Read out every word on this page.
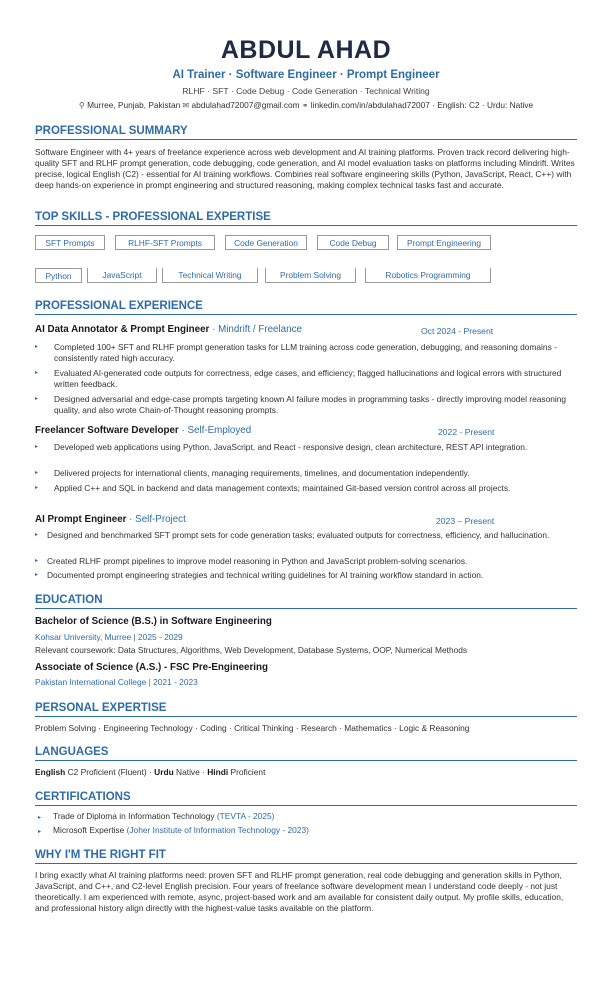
ABDUL AHAD
AI Trainer · Software Engineer · Prompt Engineer
RLHF · SFT · Code Debug · Code Generation · Technical Writing
⚲ Murree, Punjab, Pakistan ✉ abdulahad72007@gmail.com ⚭ linkedin.com/in/abdulahad72007 · English: C2 · Urdu: Native
PROFESSIONAL SUMMARY
Software Engineer with 4+ years of freelance experience across web development and AI training platforms. Proven track record delivering high-quality SFT and RLHF prompt generation, code debugging, code generation, and AI model evaluation tasks on platforms including Mindrift. Writes precise, logical English (C2) - essential for AI training workflows. Combines real software engineering skills (Python, JavaScript, React, C++) with deep hands-on experience in prompt engineering and structured reasoning, making complex technical tasks fast and accurate.
TOP SKILLS - PROFESSIONAL EXPERTISE
SFT Prompts	RLHF-SFT Prompts	Code Generation	Code Debug	Prompt Engineering
Python	JavaScript	Technical Writing	Problem Solving	Robotics Programming
PROFESSIONAL EXPERIENCE
AI Data Annotator & Prompt Engineer · Mindrift / Freelance	Oct 2024 - Present
▸	Completed 100+ SFT and RLHF prompt generation tasks for LLM training across code generation, debugging, and reasoning domains - consistently rated high accuracy.
▸	Evaluated AI-generated code outputs for correctness, edge cases, and efficiency; flagged hallucinations and logical errors with structured written feedback.
▸	Designed adversarial and edge-case prompts targeting known AI failure modes in programming tasks - directly improving model reasoning quality, and also wrote Chain-of-Thought reasoning prompts.
Freelancer Software Developer · Self-Employed	2022 - Present
▸	Developed web applications using Python, JavaScript, and React - responsive design, clean architecture, REST API integration.
▸	Delivered projects for international clients, managing requirements, timelines, and documentation independently.
▸	Applied C++ and SQL in backend and data management contexts; maintained Git-based version control across all projects.
AI Prompt Engineer · Self-Project	2023 – Present
▸	Designed and benchmarked SFT prompt sets for code generation tasks; evaluated outputs for correctness, efficiency, and hallucination.
▸	Created RLHF prompt pipelines to improve model reasoning in Python and JavaScript problem-solving scenarios.
▸	Documented prompt engineering strategies and technical writing guidelines for AI training workflow standard in action.
EDUCATION
Bachelor of Science (B.S.) in Software Engineering
Kohsar University, Murree | 2025 - 2029
Relevant coursework: Data Structures, Algorithms, Web Development, Database Systems, OOP, Numerical Methods
Associate of Science (A.S.) - FSC Pre-Engineering
Pakistan International College | 2021 - 2023
PERSONAL EXPERTISE
Problem Solving · Engineering Technology · Coding · Critical Thinking · Research · Mathematics · Logic & Reasoning
LANGUAGES
English C2 Proficient (Fluent) · Urdu Native · Hindi Proficient
CERTIFICATIONS
▸ Trade of Diploma in Information Technology (TEVTA - 2025)
▸ Microsoft Expertise (Joher Institute of Information Technology - 2023)
WHY I'M THE RIGHT FIT
I bring exactly what AI training platforms need: proven SFT and RLHF prompt generation, real code debugging and generation skills in Python, JavaScript, and C++, and C2-level English precision. Four years of freelance software development mean I understand code deeply - not just theoretically. I am experienced with remote, async, project-based work and am available for consistent daily output. My profile skills, education, and professional history align directly with the highest-value tasks available on the platform.
